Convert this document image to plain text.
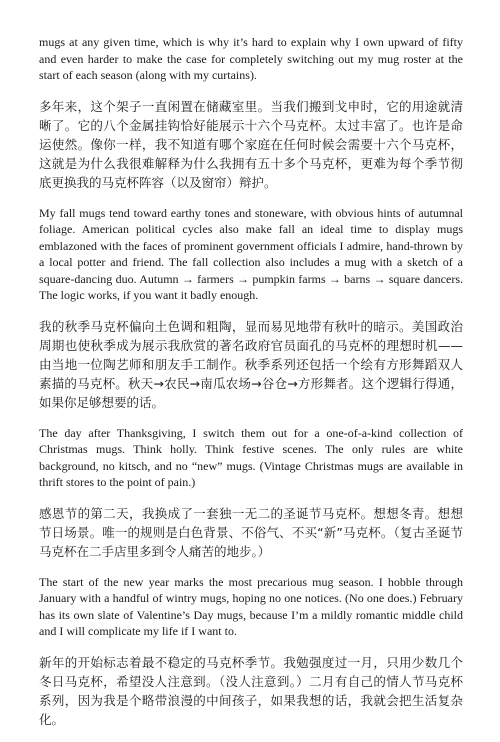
mugs at any given time, which is why it’s hard to explain why I own upward of fifty and even harder to make the case for completely switching out my mug roster at the start of each season (along with my curtains).

多年来，这个架子一直闲置在储藏室里。当我们搬到戈申时，它的用途就清晰了。它的八个金属挂钩恰好能展示十六个马克杯。太过丰富了。也许是命运使然。像你一样，我不知道有哪个家庭在任何时候会需要十六个马克杯，这就是为什么我很难解释为什么我拥有五十多个马克杯，更难为每个季节彻底更换我的马克杯阵容（以及窗帘）辩护。

My fall mugs tend toward earthy tones and stoneware, with obvious hints of autumnal foliage. American political cycles also make fall an ideal time to display mugs emblazoned with the faces of prominent government officials I admire, hand-thrown by a local potter and friend. The fall collection also includes a mug with a sketch of a square-dancing duo. Autumn → farmers → pumpkin farms → barns → square dancers. The logic works, if you want it badly enough.

我的秋季马克杯偏向土色调和粗陶，显而易见地带有秋叶的暗示。美国政治周期也使秋季成为展示我欣赏的著名政府官员面孔的马克杯的理想时机——由当地一位陶艺师和朋友手工制作。秋季系列还包括一个绘有方形舞蹈双人素描的马克杯。秋天→农民→南瓜农场→谷仓→方形舞者。这个逻辑行得通，如果你足够想要的话。

The day after Thanksgiving, I switch them out for a one-of-a-kind collection of Christmas mugs. Think holly. Think festive scenes. The only rules are white background, no kitsch, and no “new” mugs. (Vintage Christmas mugs are available in thrift stores to the point of pain.)

感恩节的第二天，我换成了一套独一无二的圣诞节马克杯。想想冬青。想想节日场景。唯一的规则是白色背景、不俗气、不买“新”马克杯。（复古圣诞节马克杯在二手店里多到令人痛苦的地步。）

The start of the new year marks the most precarious mug season. I hobble through January with a handful of wintry mugs, hoping no one notices. (No one does.) February has its own slate of Valentine’s Day mugs, because I’m a mildly romantic middle child and I will complicate my life if I want to.

新年的开始标志着最不稳定的马克杯季节。我勉强度过一月，只用少数几个冬日马克杯，希望没人注意到。（没人注意到。）二月有自己的情人节马克杯系列，因为我是个略带浪漫的中间孩子，如果我想的话，我就会把生活复杂化。
